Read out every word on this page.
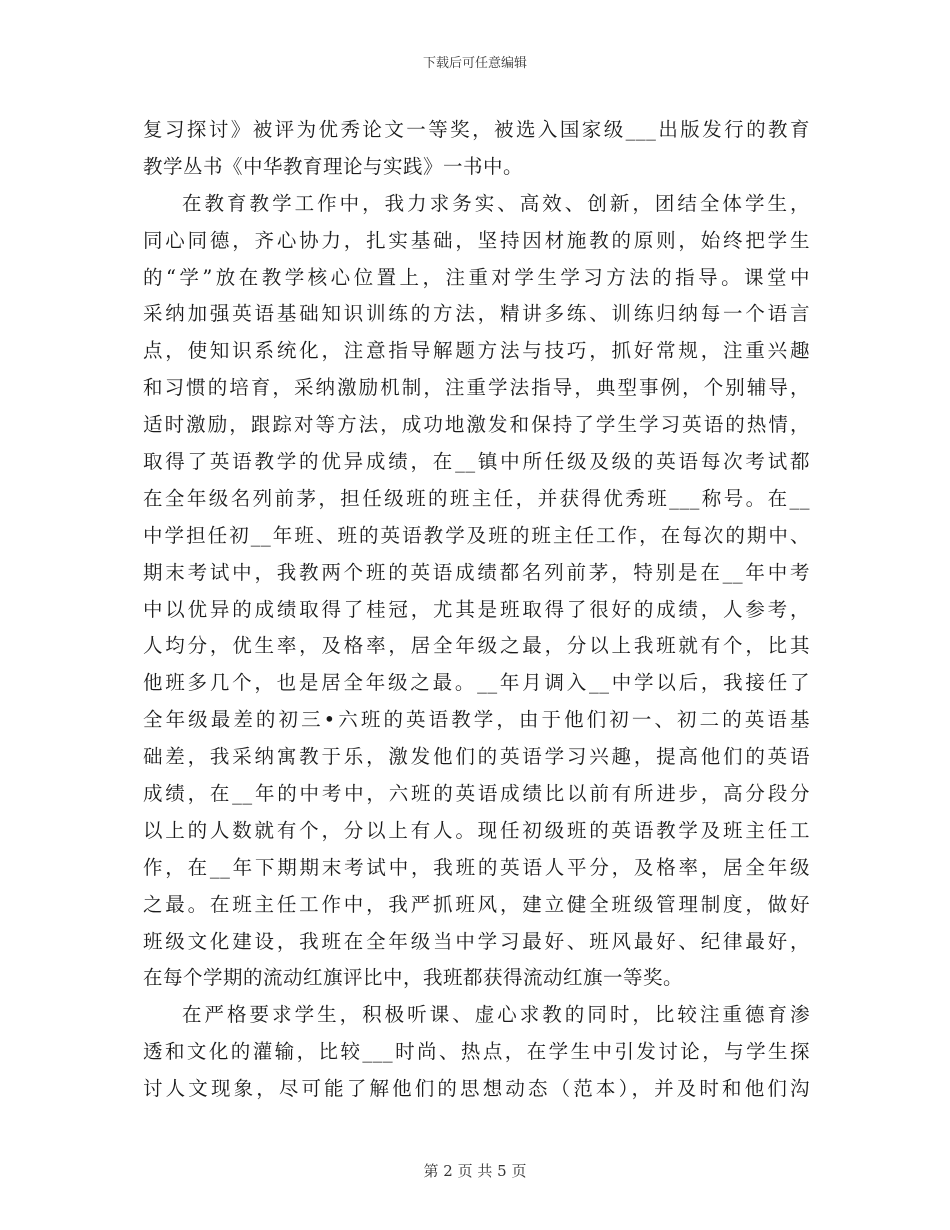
下载后可任意编辑
复习探讨》被评为优秀论文一等奖，被选入国家级___出版发行的教育
教学丛书《中华教育理论与实践》一书中。
在教育教学工作中，我力求务实、高效、创新，团结全体学生，
同心同德，齐心协力，扎实基础，坚持因材施教的原则，始终把学生
的“学”放在教学核心位置上，注重对学生学习方法的指导。课堂中
采纳加强英语基础知识训练的方法，精讲多练、训练归纳每一个语言
点，使知识系统化，注意指导解题方法与技巧，抓好常规，注重兴趣
和习惯的培育，采纳激励机制，注重学法指导，典型事例，个别辅导，
适时激励，跟踪对等方法，成功地激发和保持了学生学习英语的热情，
取得了英语教学的优异成绩，在__镇中所任级及级的英语每次考试都
在全年级名列前茅，担任级班的班主任，并获得优秀班___称号。在__
中学担任初__年班、班的英语教学及班的班主任工作，在每次的期中、
期末考试中，我教两个班的英语成绩都名列前茅，特别是在__年中考
中以优异的成绩取得了桂冠，尤其是班取得了很好的成绩，人参考，
人均分，优生率，及格率，居全年级之最，分以上我班就有个，比其
他班多几个，也是居全年级之最。__年月调入__中学以后，我接任了
全年级最差的初三•六班的英语教学，由于他们初一、初二的英语基
础差，我采纳寓教于乐，激发他们的英语学习兴趣，提高他们的英语
成绩，在__年的中考中，六班的英语成绩比以前有所进步，高分段分
以上的人数就有个，分以上有人。现任初级班的英语教学及班主任工
作，在__年下期期末考试中，我班的英语人平分，及格率，居全年级
之最。在班主任工作中，我严抓班风，建立健全班级管理制度，做好
班级文化建设，我班在全年级当中学习最好、班风最好、纪律最好，
在每个学期的流动红旗评比中，我班都获得流动红旗一等奖。
在严格要求学生，积极听课、虚心求教的同时，比较注重德育渗
透和文化的灌输，比较___时尚、热点，在学生中引发讨论，与学生探
讨人文现象，尽可能了解他们的思想动态（范本），并及时和他们沟
第 2 页 共 5 页
